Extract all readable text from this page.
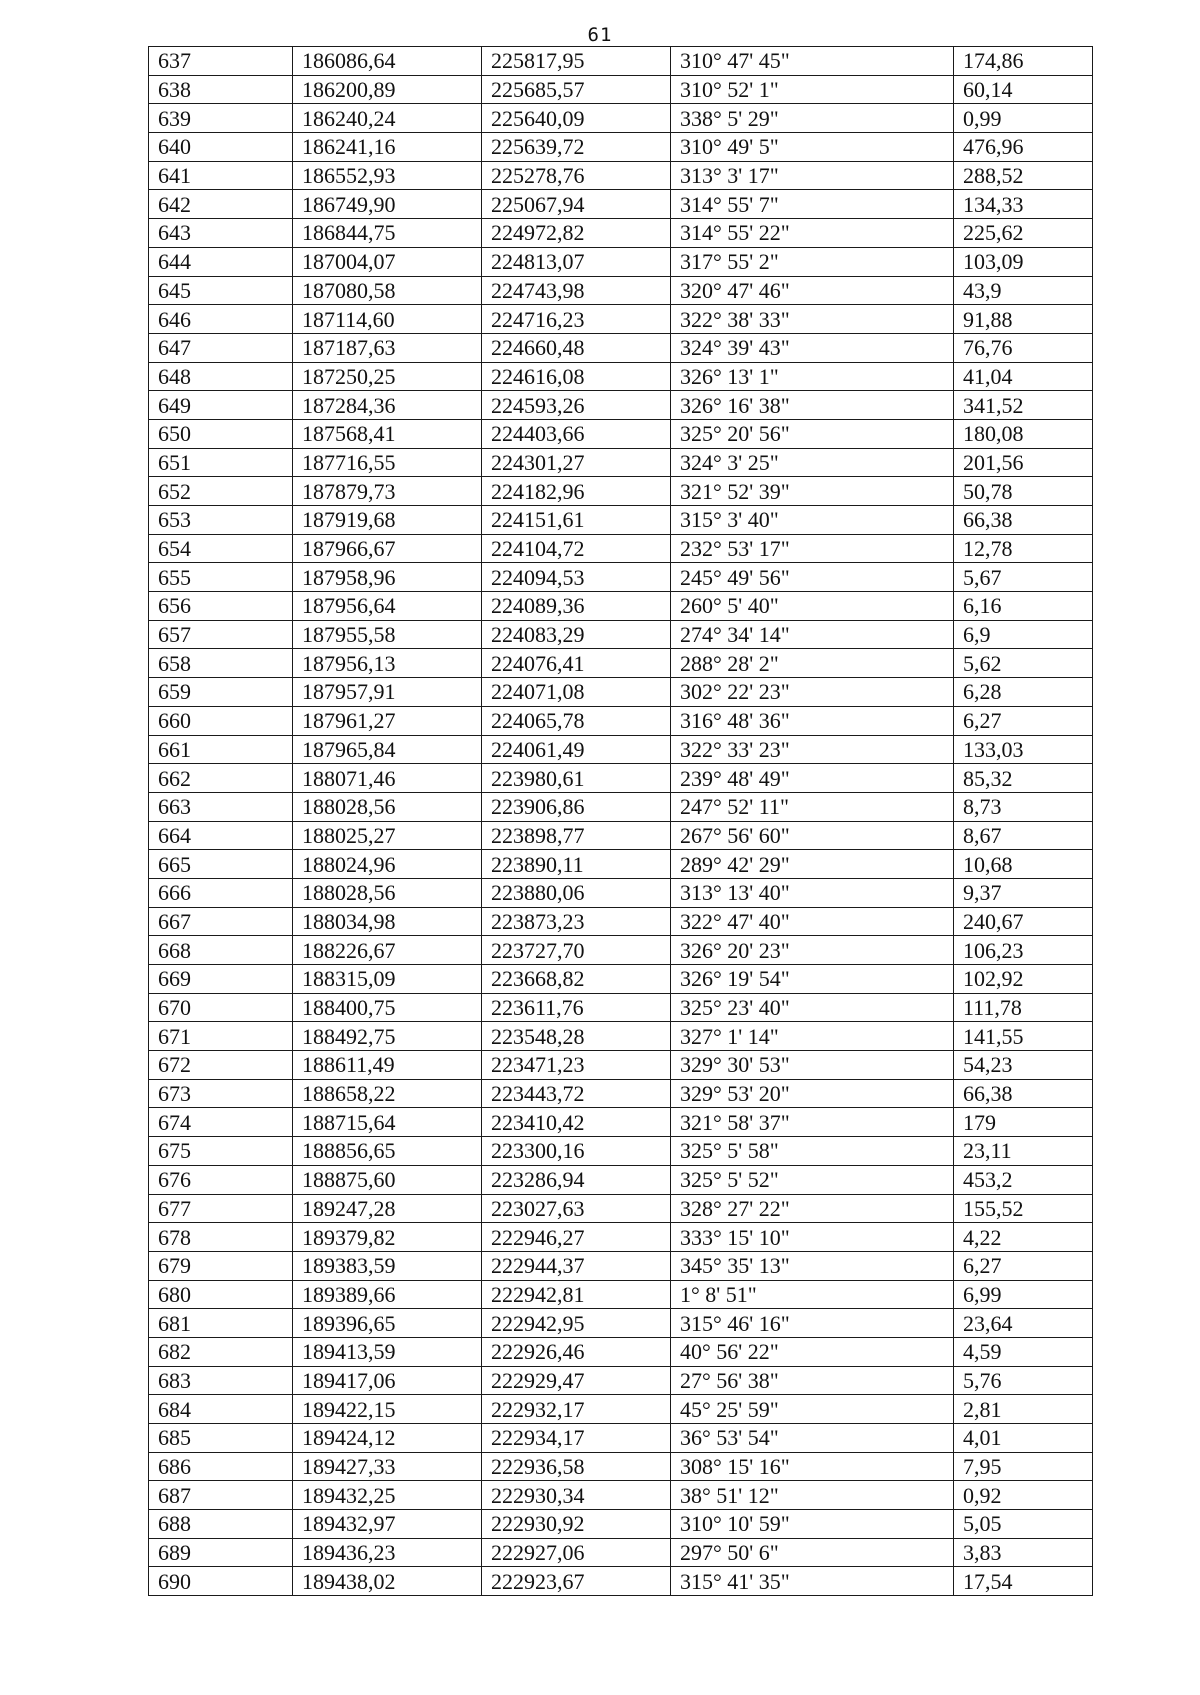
61
637	186086,64	225817,95	310° 47' 45"	174,86
638	186200,89	225685,57	310° 52' 1"	60,14
639	186240,24	225640,09	338° 5' 29"	0,99
640	186241,16	225639,72	310° 49' 5"	476,96
641	186552,93	225278,76	313° 3' 17"	288,52
642	186749,90	225067,94	314° 55' 7"	134,33
643	186844,75	224972,82	314° 55' 22"	225,62
644	187004,07	224813,07	317° 55' 2"	103,09
645	187080,58	224743,98	320° 47' 46"	43,9
646	187114,60	224716,23	322° 38' 33"	91,88
647	187187,63	224660,48	324° 39' 43"	76,76
648	187250,25	224616,08	326° 13' 1"	41,04
649	187284,36	224593,26	326° 16' 38"	341,52
650	187568,41	224403,66	325° 20' 56"	180,08
651	187716,55	224301,27	324° 3' 25"	201,56
652	187879,73	224182,96	321° 52' 39"	50,78
653	187919,68	224151,61	315° 3' 40"	66,38
654	187966,67	224104,72	232° 53' 17"	12,78
655	187958,96	224094,53	245° 49' 56"	5,67
656	187956,64	224089,36	260° 5' 40"	6,16
657	187955,58	224083,29	274° 34' 14"	6,9
658	187956,13	224076,41	288° 28' 2"	5,62
659	187957,91	224071,08	302° 22' 23"	6,28
660	187961,27	224065,78	316° 48' 36"	6,27
661	187965,84	224061,49	322° 33' 23"	133,03
662	188071,46	223980,61	239° 48' 49"	85,32
663	188028,56	223906,86	247° 52' 11"	8,73
664	188025,27	223898,77	267° 56' 60"	8,67
665	188024,96	223890,11	289° 42' 29"	10,68
666	188028,56	223880,06	313° 13' 40"	9,37
667	188034,98	223873,23	322° 47' 40"	240,67
668	188226,67	223727,70	326° 20' 23"	106,23
669	188315,09	223668,82	326° 19' 54"	102,92
670	188400,75	223611,76	325° 23' 40"	111,78
671	188492,75	223548,28	327° 1' 14"	141,55
672	188611,49	223471,23	329° 30' 53"	54,23
673	188658,22	223443,72	329° 53' 20"	66,38
674	188715,64	223410,42	321° 58' 37"	179
675	188856,65	223300,16	325° 5' 58"	23,11
676	188875,60	223286,94	325° 5' 52"	453,2
677	189247,28	223027,63	328° 27' 22"	155,52
678	189379,82	222946,27	333° 15' 10"	4,22
679	189383,59	222944,37	345° 35' 13"	6,27
680	189389,66	222942,81	1° 8' 51"	6,99
681	189396,65	222942,95	315° 46' 16"	23,64
682	189413,59	222926,46	40° 56' 22"	4,59
683	189417,06	222929,47	27° 56' 38"	5,76
684	189422,15	222932,17	45° 25' 59"	2,81
685	189424,12	222934,17	36° 53' 54"	4,01
686	189427,33	222936,58	308° 15' 16"	7,95
687	189432,25	222930,34	38° 51' 12"	0,92
688	189432,97	222930,92	310° 10' 59"	5,05
689	189436,23	222927,06	297° 50' 6"	3,83
690	189438,02	222923,67	315° 41' 35"	17,54
